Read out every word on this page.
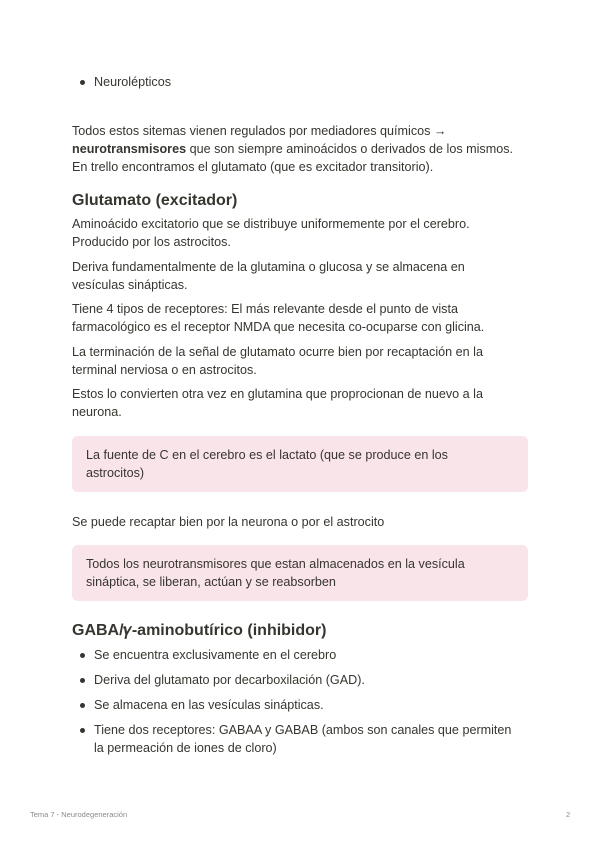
Neurolépticos

Todos estos sitemas vienen regulados por mediadores químicos →

neurotransmisores que son siempre aminoácidos o derivados de los mismos.

En trello encontramos el glutamato (que es excitador transitorio).

Glutamato (excitador)

Aminoácido excitatorio que se distribuye uniformemente por el cerebro.

Producido por los astrocitos.

Deriva fundamentalmente de la glutamina o glucosa y se almacena en

vesículas sinápticas.

Tiene 4 tipos de receptores: El más relevante desde el punto de vista

farmacológico es el receptor NMDA que necesita co-ocuparse con glicina.

La terminación de la señal de glutamato ocurre bien por recaptación en la

terminal nerviosa o en astrocitos.

Estos lo convierten otra vez en glutamina que proprocionan de nuevo a la

neurona.

La fuente de C en el cerebro es el lactato (que se produce en los
astrocitos)

Se puede recaptar bien por la neurona o por el astrocito

Todos los neurotransmisores que estan almacenados en la vesícula
sináptica, se liberan, actúan y se reabsorben
GABA/𝛾-aminobutírico (inhibidor)
Se encuentra exclusivamente en el cerebro
Deriva del glutamato por decarboxilación (GAD).
Se almacena en las vesículas sinápticas.
Tiene dos receptores: GABAA y GABAB (ambos son canales que permiten
la permeación de iones de cloro)
Tema 7 - Neurodegeneración	2
